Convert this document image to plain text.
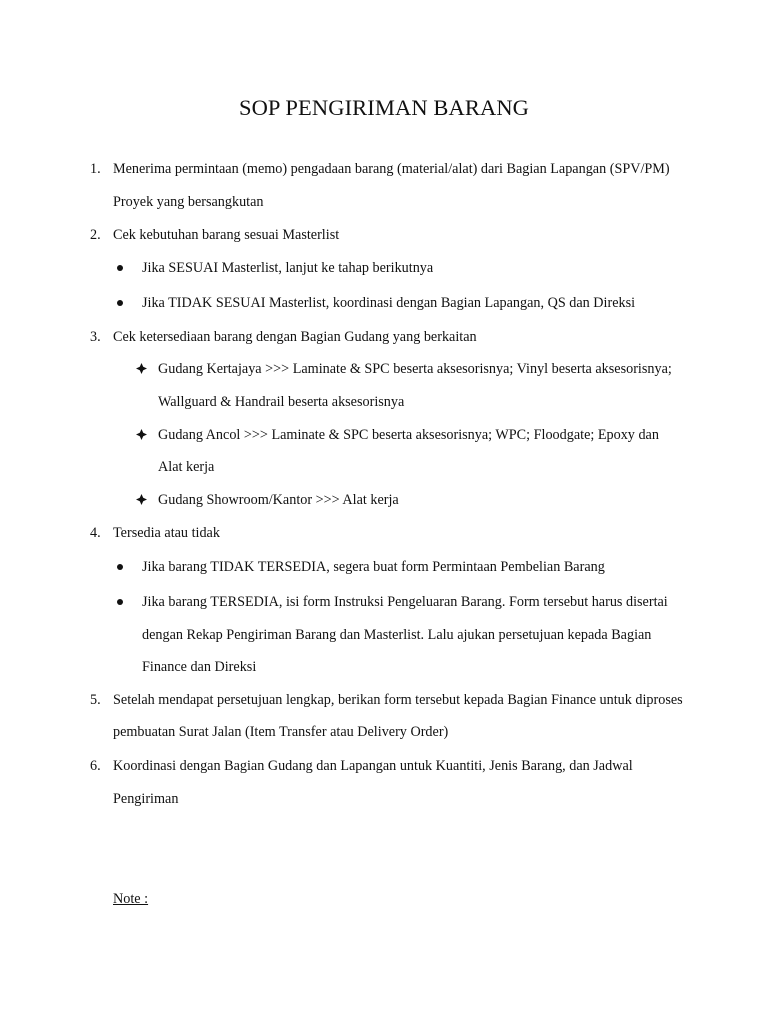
SOP PENGIRIMAN BARANG
1. Menerima permintaan (memo) pengadaan barang (material/alat) dari Bagian Lapangan (SPV/PM)
Proyek yang bersangkutan
2. Cek kebutuhan barang sesuai Masterlist
Jika SESUAI Masterlist, lanjut ke tahap berikutnya
Jika TIDAK SESUAI Masterlist, koordinasi dengan Bagian Lapangan, QS dan Direksi
3. Cek ketersediaan barang dengan Bagian Gudang yang berkaitan
Gudang Kertajaya >>> Laminate & SPC beserta aksesorisnya; Vinyl beserta aksesorisnya;
Wallguard & Handrail beserta aksesorisnya
Gudang Ancol >>> Laminate & SPC beserta aksesorisnya; WPC; Floodgate; Epoxy dan
Alat kerja
Gudang Showroom/Kantor >>> Alat kerja
4. Tersedia atau tidak
Jika barang TIDAK TERSEDIA, segera buat form Permintaan Pembelian Barang
Jika barang TERSEDIA, isi form Instruksi Pengeluaran Barang. Form tersebut harus disertai
dengan Rekap Pengiriman Barang dan Masterlist. Lalu ajukan persetujuan kepada Bagian
Finance dan Direksi
5. Setelah mendapat persetujuan lengkap, berikan form tersebut kepada Bagian Finance untuk diproses
pembuatan Surat Jalan (Item Transfer atau Delivery Order)
6. Koordinasi dengan Bagian Gudang dan Lapangan untuk Kuantiti, Jenis Barang, dan Jadwal
Pengiriman
Note :
